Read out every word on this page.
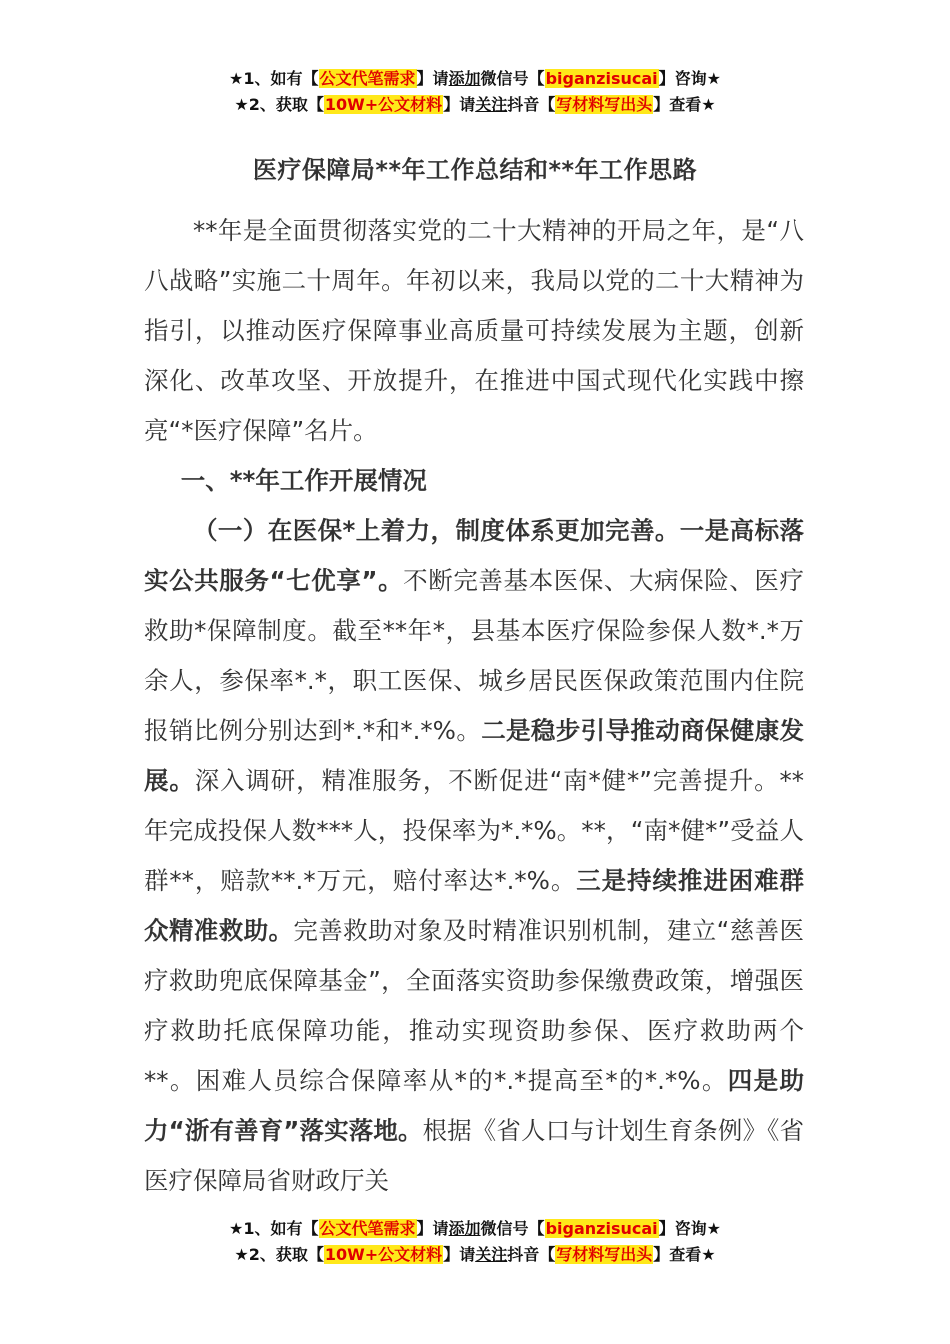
★1、如有【公文代笔需求】请添加微信号【biganzisucai】咨询★
★2、获取【10W+公文材料】请关注抖音【写材料写出头】查看★
医疗保障局**年工作总结和**年工作思路

**年是全面贯彻落实党的二十大精神的开局之年，是“八八战略”实施二十周年。年初以来，我局以党的二十大精神为指引，以推动医疗保障事业高质量可持续发展为主题，创新深化、改革攻坚、开放提升，在推进中国式现代化实践中擦亮“*医疗保障”名片。

一、**年工作开展情况

（一）在医保*上着力，制度体系更加完善。一是高标落实公共服务“七优享”。不断完善基本医保、大病保险、医疗救助*保障制度。截至**年*，县基本医疗保险参保人数*.*万余人，参保率*.*，职工医保、城乡居民医保政策范围内住院报销比例分别达到*.*和*.*%。二是稳步引导推动商保健康发展。深入调研，精准服务，不断促进“南*健*”完善提升。**年完成投保人数***人，投保率为*.*%。**，“南*健*”受益人群**，赔款**.*万元，赔付率达*.*%。三是持续推进困难群众精准救助。完善救助对象及时精准识别机制，建立“慈善医疗救助兜底保障基金”，全面落实资助参保缴费政策，增强医疗救助托底保障功能，推动实现资助参保、医疗救助两个**。困难人员综合保障率从*的*.*提高至*的*.*%。四是助力“浙有善育”落实落地。根据《省人口与计划生育条例》《省医疗保障局省财政厅关

★1、如有【公文代笔需求】请添加微信号【biganzisucai】咨询★
★2、获取【10W+公文材料】请关注抖音【写材料写出头】查看★
